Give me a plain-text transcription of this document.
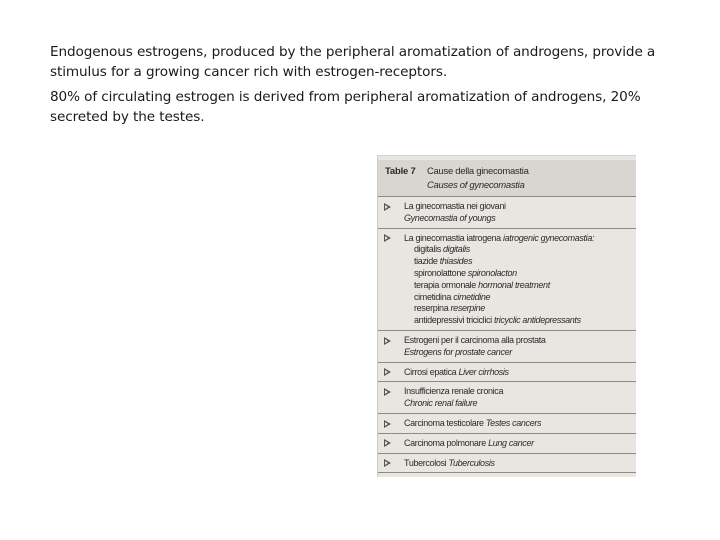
Endogenous estrogens, produced by the peripheral aromatization of androgens, provide a stimulus for a growing cancer rich with estrogen-receptors.

80% of circulating estrogen is derived from peripheral aromatization of androgens, 20% secreted by the testes.

Table 7 Cause della ginecomastia
Causes of gynecomastia
La ginecomastia nei giovani
Gynecomastia of youngs
La ginecomastia iatrogena iatrogenic gynecomastia:
digitalis digitalis
tiazide thiasides
spironolattone spironolacton
terapia ormonale hormonal treatment
cimetidina cimetidine
reserpina reserpine
antidepressivi triciclici tricyclic antidepressants
Estrogeni per il carcinoma alla prostata
Estrogens for prostate cancer
Cirrosi epatica Liver cirrhosis
Insufficienza renale cronica
Chronic renal failure
Carcinoma testicolare Testes cancers
Carcinoma polmonare Lung cancer
Tubercolosi Tuberculosis
